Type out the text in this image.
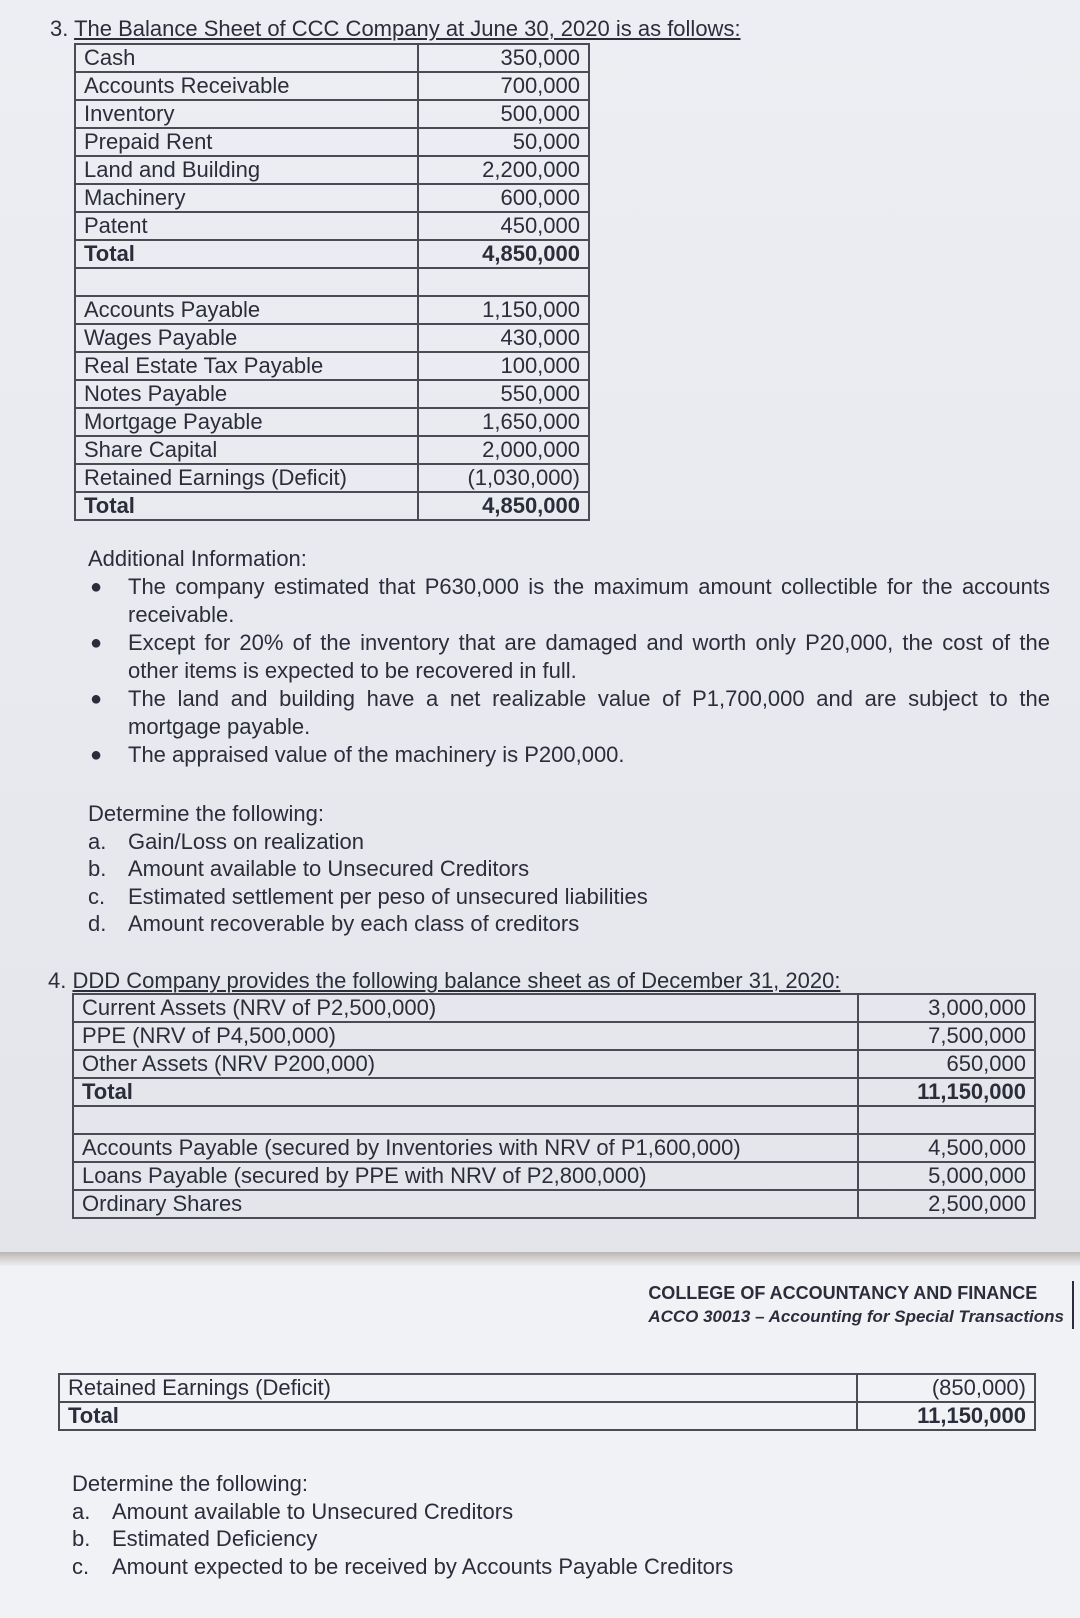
3. The Balance Sheet of CCC Company at June 30, 2020 is as follows:
Cash	350,000
Accounts Receivable	700,000
Inventory	500,000
Prepaid Rent	50,000
Land and Building	2,200,000
Machinery	600,000
Patent	450,000
Total	4,850,000

Accounts Payable	1,150,000
Wages Payable	430,000
Real Estate Tax Payable	100,000
Notes Payable	550,000
Mortgage Payable	1,650,000
Share Capital	2,000,000
Retained Earnings (Deficit)	(1,030,000)
Total	4,850,000
Additional Information:
●	The company estimated that P630,000 is the maximum amount collectible for the accounts receivable.
●	Except for 20% of the inventory that are damaged and worth only P20,000, the cost of the other items is expected to be recovered in full.
●	The land and building have a net realizable value of P1,700,000 and are subject to the mortgage payable.
●	The appraised value of the machinery is P200,000.
Determine the following:
a. Gain/Loss on realization
b. Amount available to Unsecured Creditors
c.	Estimated settlement per peso of unsecured liabilities
d. Amount recoverable by each class of creditors
4. DDD Company provides the following balance sheet as of December 31, 2020:
Current Assets (NRV of P2,500,000)	3,000,000
PPE (NRV of P4,500,000)	7,500,000
Other Assets (NRV P200,000)	650,000
Total	11,150,000

Accounts Payable (secured by Inventories with NRV of P1,600,000)	4,500,000
Loans Payable (secured by PPE with NRV of P2,800,000)	5,000,000
Ordinary Shares	2,500,000
COLLEGE OF ACCOUNTANCY AND FINANCE
ACCO 30013 – Accounting for Special Transactions
Retained Earnings (Deficit)	(850,000)
Total	11,150,000
Determine the following:
a. Amount available to Unsecured Creditors
b. Estimated Deficiency
c.	Amount expected to be received by Accounts Payable Creditors
